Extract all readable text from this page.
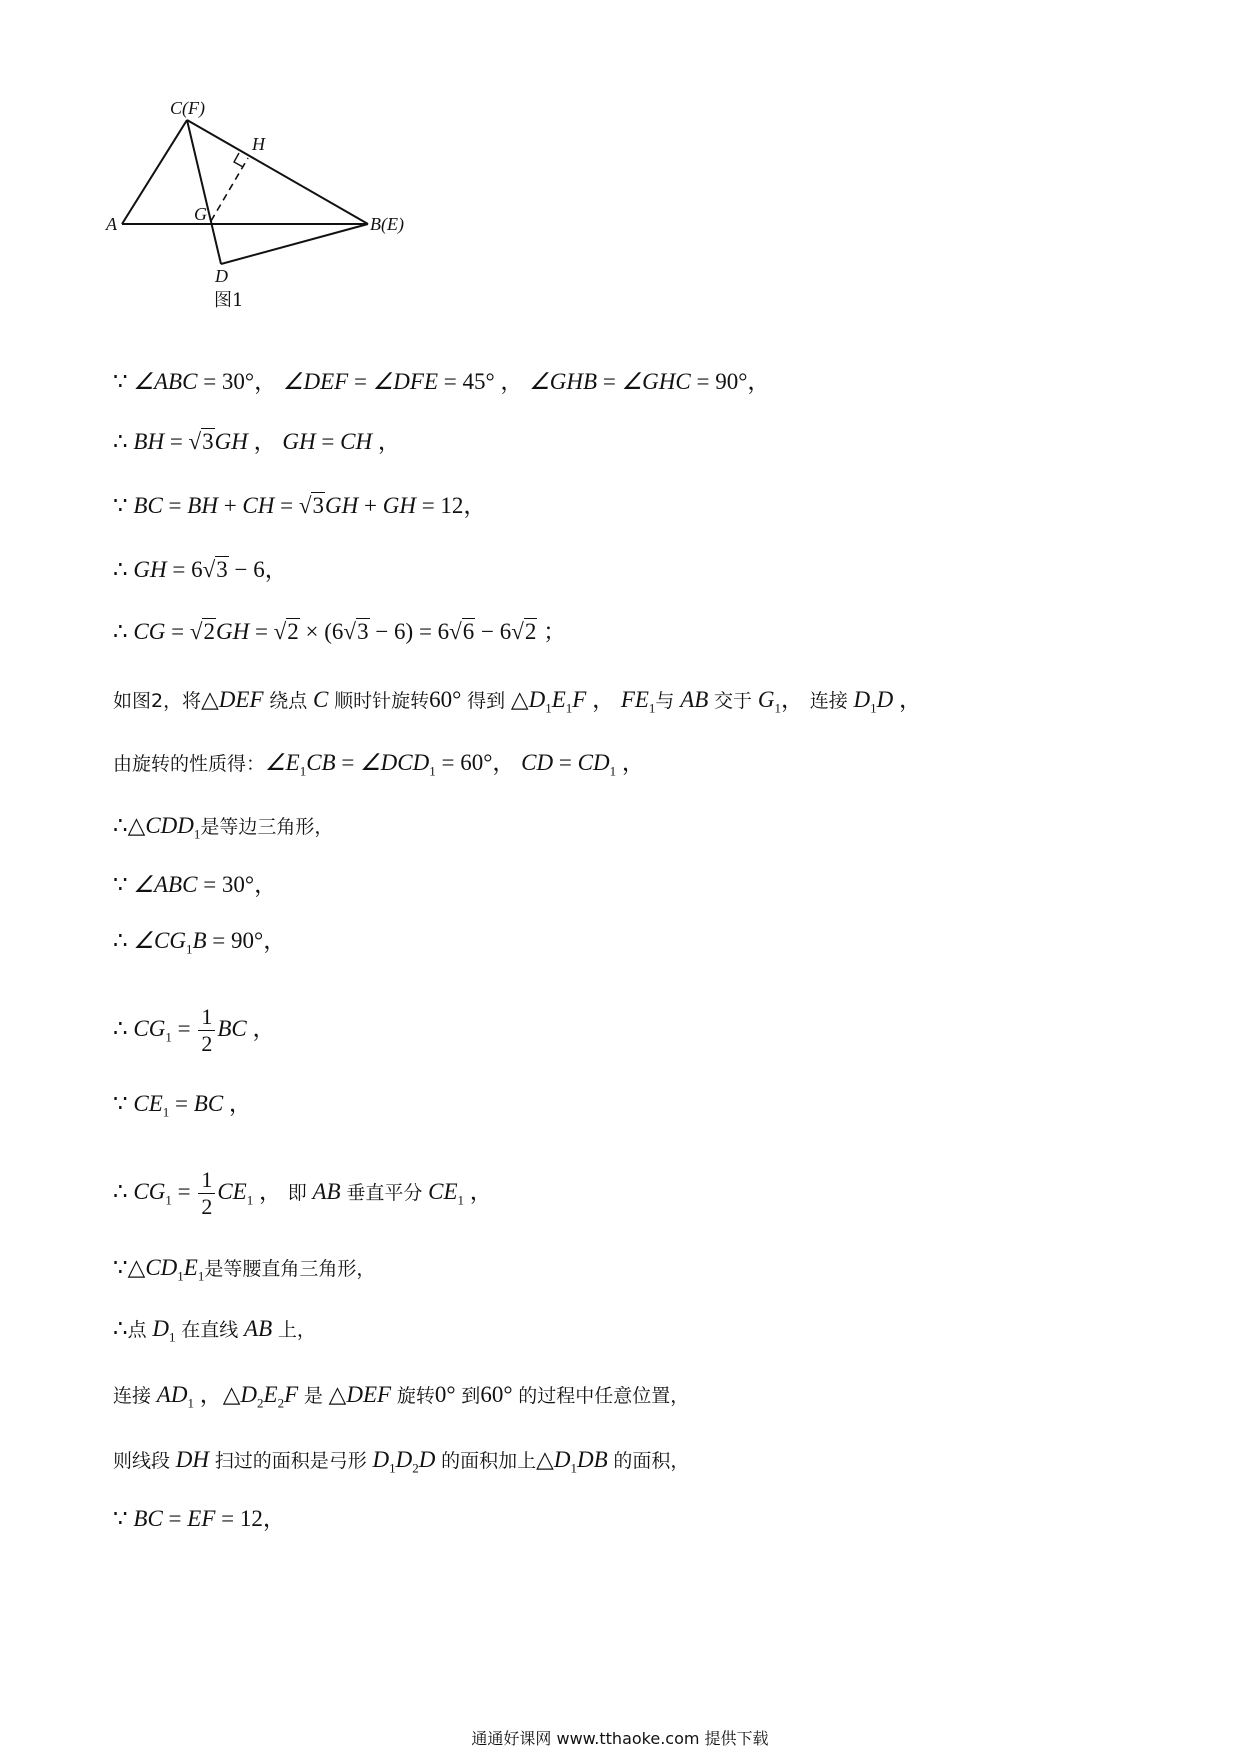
C(F)
H
A	G	B(E)
D
图1
∵ ∠ABC = 30°， ∠DEF = ∠DFE = 45° ， ∠GHB = ∠GHC = 90°，
∴ BH = √3GH ， GH = CH ，
∵ BC = BH + CH = √3GH + GH = 12，
∴ GH = 6√3 − 6，
∴ CG = √2GH = √2 × (6√3 − 6) = 6√6 − 6√2 ；
如图2，将△DEF 绕点 C 顺时针旋转60° 得到 $\triangle D_1E_1F$ ， $FE_1$与 AB 交于 $G_1$， 连接 $D_1D$ ，
由旋转的性质得：$\angle E_1CB$ = $\angle DCD_1 = 60^\circ$， CD = $CD_1$ ，
$\therefore\triangle CDD_1$是等边三角形，
∵ ∠ABC = 30°，
∴ $\angle CG_1B = 90^\circ$，
∴ $CG_1 = \frac{1}{2}$ BC ，
∵ $CE_1$ = BC ，
∴ $CG_1 = \frac{1}{2} CE_1$ ， 即 AB 垂直平分 $CE_1$ ，
$\because\triangle CD_1E_1$是等腰直角三角形，
∴点 $D_1$ 在直线 AB 上，
连接 $AD_1$ ，$\triangle D_2E_2F$ 是 △DEF 旋转0° 到60° 的过程中任意位置，
则线段 DH 扫过的面积是弓形 $D_1D_2D$ 的面积加上$\triangle D_1DB$ 的面积，
∵ BC = EF = 12，
通通好课网 www.tthaoke.com 提供下载
